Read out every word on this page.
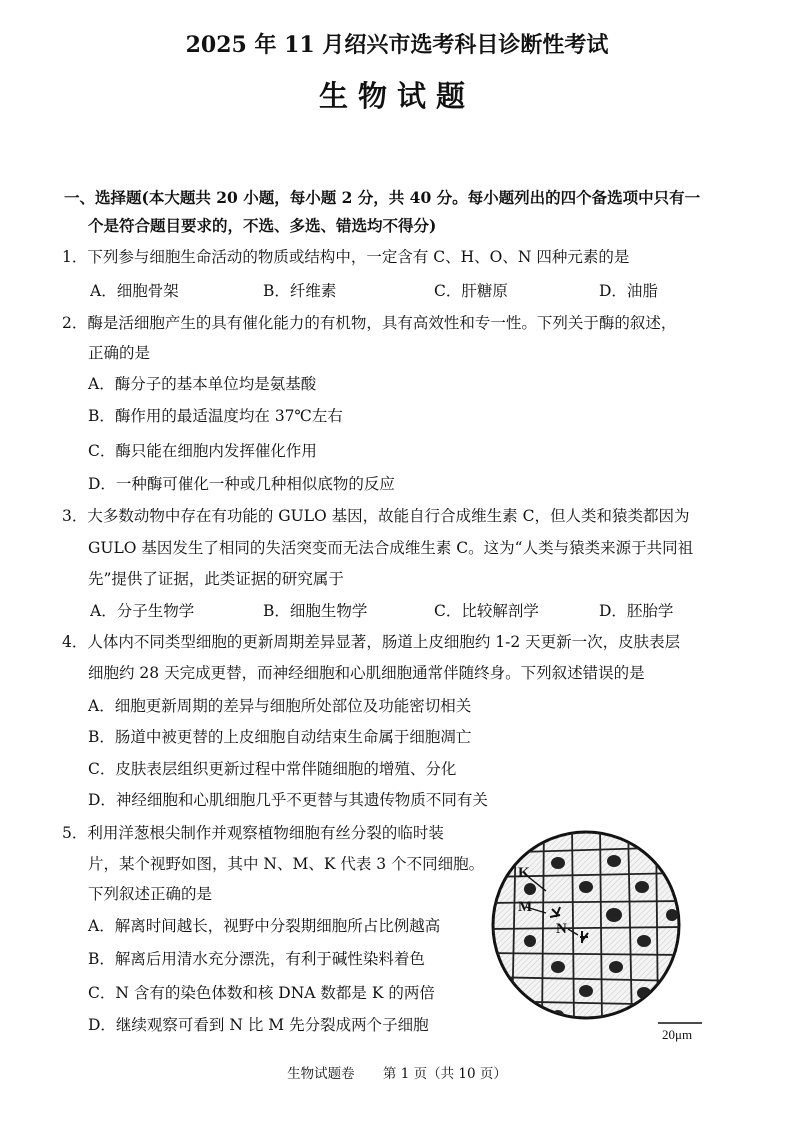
2025 年 11 月绍兴市选考科目诊断性考试
生物试题
一、选择题(本大题共 20 小题，每小题 2 分，共 40 分。每小题列出的四个备选项中只有一
个是符合题目要求的，不选、多选、错选均不得分)
1．下列参与细胞生命活动的物质或结构中，一定含有 C、H、O、N 四种元素的是
A．细胞骨架	B．纤维素	C．肝糖原	D．油脂
2．酶是活细胞产生的具有催化能力的有机物，具有高效性和专一性。下列关于酶的叙述，
正确的是
A．酶分子的基本单位均是氨基酸
B．酶作用的最适温度均在 37℃左右
C．酶只能在细胞内发挥催化作用
D．一种酶可催化一种或几种相似底物的反应
3．大多数动物中存在有功能的 GULO 基因，故能自行合成维生素 C，但人类和猿类都因为
GULO 基因发生了相同的失活突变而无法合成维生素 C。这为“人类与猿类来源于共同祖
先”提供了证据，此类证据的研究属于
A．分子生物学	B．细胞生物学	C．比较解剖学	D．胚胎学
4．人体内不同类型细胞的更新周期差异显著，肠道上皮细胞约 1-2 天更新一次，皮肤表层
细胞约 28 天完成更替，而神经细胞和心肌细胞通常伴随终身。下列叙述错误的是
A．细胞更新周期的差异与细胞所处部位及功能密切相关
B．肠道中被更替的上皮细胞自动结束生命属于细胞凋亡
C．皮肤表层组织更新过程中常伴随细胞的增殖、分化
D．神经细胞和心肌细胞几乎不更替与其遗传物质不同有关
5．利用洋葱根尖制作并观察植物细胞有丝分裂的临时装
片，某个视野如图，其中 N、M、K 代表 3 个不同细胞。
下列叙述正确的是
A．解离时间越长，视野中分裂期细胞所占比例越高
B．解离后用清水充分漂洗，有利于碱性染料着色
C．N 含有的染色体数和核 DNA 数都是 K 的两倍
D．继续观察可看到 N 比 M 先分裂成两个子细胞
K
M
N
20μm
生物试题卷 第 1 页（共 10 页）
